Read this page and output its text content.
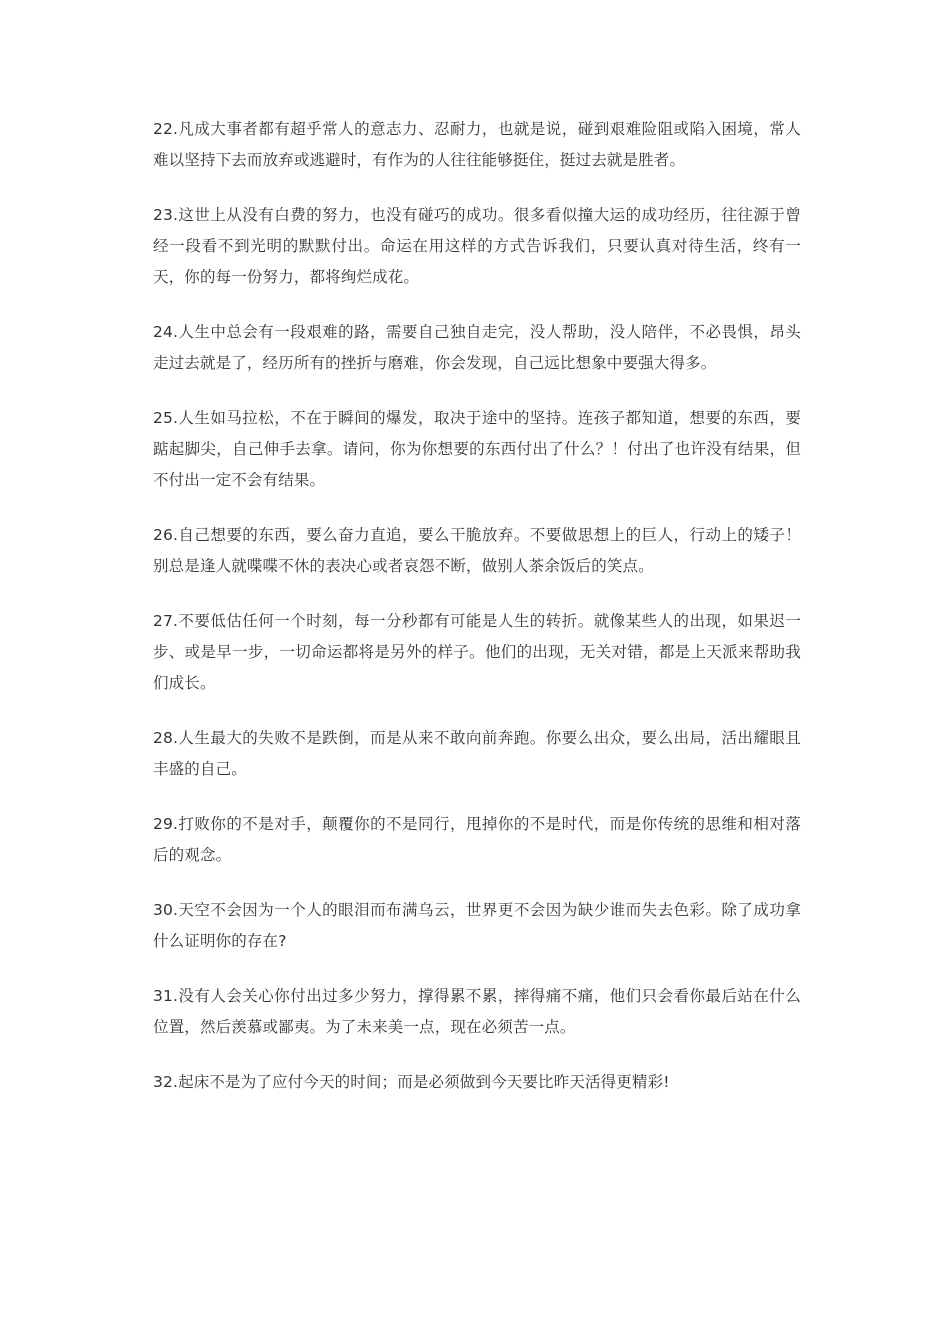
22.凡成大事者都有超乎常人的意志力、忍耐力，也就是说，碰到艰难险阻或陷入困境，常人难以坚持下去而放弃或逃避时，有作为的人往往能够挺住，挺过去就是胜者。

23.这世上从没有白费的努力，也没有碰巧的成功。很多看似撞大运的成功经历，往往源于曾经一段看不到光明的默默付出。命运在用这样的方式告诉我们，只要认真对待生活，终有一天，你的每一份努力，都将绚烂成花。

24.人生中总会有一段艰难的路，需要自己独自走完，没人帮助，没人陪伴，不必畏惧，昂头走过去就是了，经历所有的挫折与磨难，你会发现，自己远比想象中要强大得多。

25.人生如马拉松，不在于瞬间的爆发，取决于途中的坚持。连孩子都知道，想要的东西，要踮起脚尖，自己伸手去拿。请问，你为你想要的东西付出了什么？！付出了也许没有结果，但不付出一定不会有结果。

26.自己想要的东西，要么奋力直追，要么干脆放弃。不要做思想上的巨人，行动上的矮子！别总是逢人就喋喋不休的表决心或者哀怨不断，做别人茶余饭后的笑点。

27.不要低估任何一个时刻，每一分秒都有可能是人生的转折。就像某些人的出现，如果迟一步、或是早一步，一切命运都将是另外的样子。他们的出现，无关对错，都是上天派来帮助我们成长。

28.人生最大的失败不是跌倒，而是从来不敢向前奔跑。你要么出众，要么出局，活出耀眼且丰盛的自己。

29.打败你的不是对手，颠覆你的不是同行，甩掉你的不是时代，而是你传统的思维和相对落后的观念。

30.天空不会因为一个人的眼泪而布满乌云，世界更不会因为缺少谁而失去色彩。除了成功拿什么证明你的存在?

31.没有人会关心你付出过多少努力，撑得累不累，摔得痛不痛，他们只会看你最后站在什么位置，然后羡慕或鄙夷。为了未来美一点，现在必须苦一点。

32.起床不是为了应付今天的时间；而是必须做到今天要比昨天活得更精彩!
